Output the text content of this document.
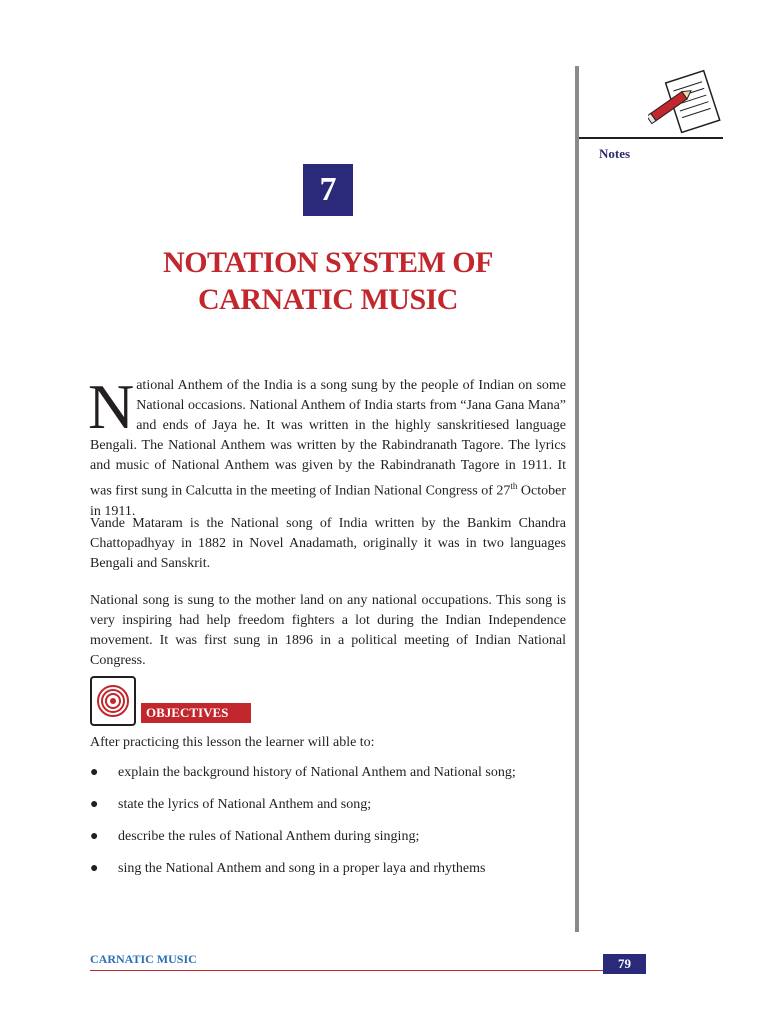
Notes
7
NOTATION SYSTEM OF
CARNATIC MUSIC
National Anthem of the India is a song sung by the people of Indian on some National occasions. National Anthem of India starts from “Jana Gana Mana” and ends of Jaya he. It was written in the highly sanskritiesed language Bengali. The National Anthem was written by the Rabindranath Tagore. The lyrics and music of National Anthem was given by the Rabindranath Tagore in 1911. It was first sung in Calcutta in the meeting of Indian National Congress of 27th October in 1911.
Vande Mataram is the National song of India written by the Bankim Chandra Chattopadhyay in 1882 in Novel Anadamath, originally it was in two languages Bengali and Sanskrit.
National song is sung to the mother land on any national occupations. This song is very inspiring had help freedom fighters a lot during the Indian Independence movement. It was first sung in 1896 in a political meeting of Indian National Congress.
OBJECTIVES
After practicing this lesson the learner will able to:
● explain the background history of National Anthem and National song;
● state the lyrics of National Anthem and song;
● describe the rules of National Anthem during singing;
● sing the National Anthem and song in a proper laya and rhythems
CARNATIC MUSIC	79
